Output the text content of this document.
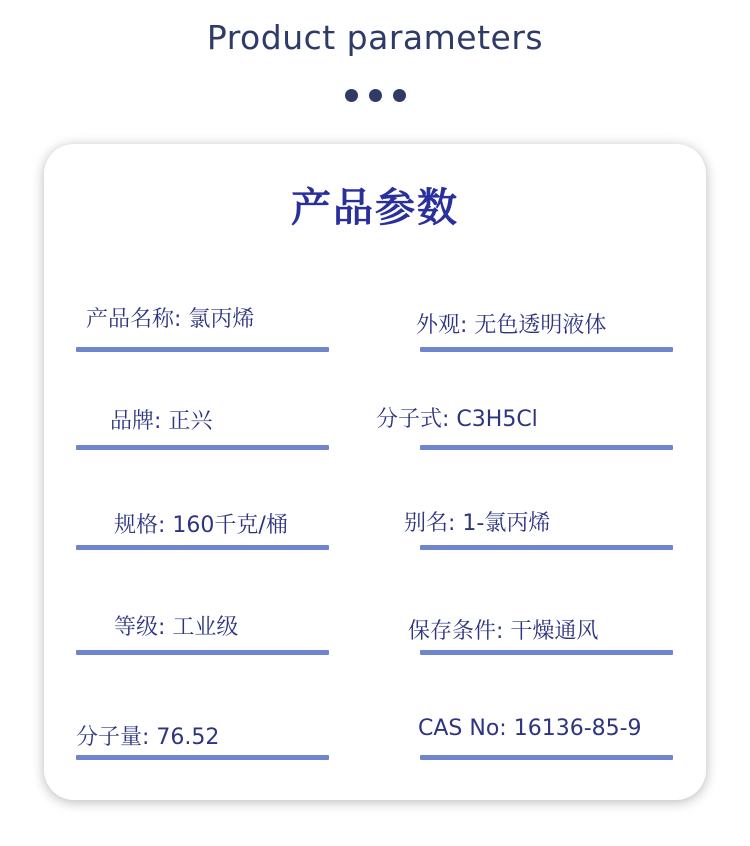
Product parameters
产品参数
产品名称: 氯丙烯	外观: 无色透明液体
品牌: 正兴	分子式: C3H5Cl
规格: 160千克/桶	别名: 1-氯丙烯
等级: 工业级	保存条件: 干燥通风
分子量: 76.52	CAS No: 16136-85-9
